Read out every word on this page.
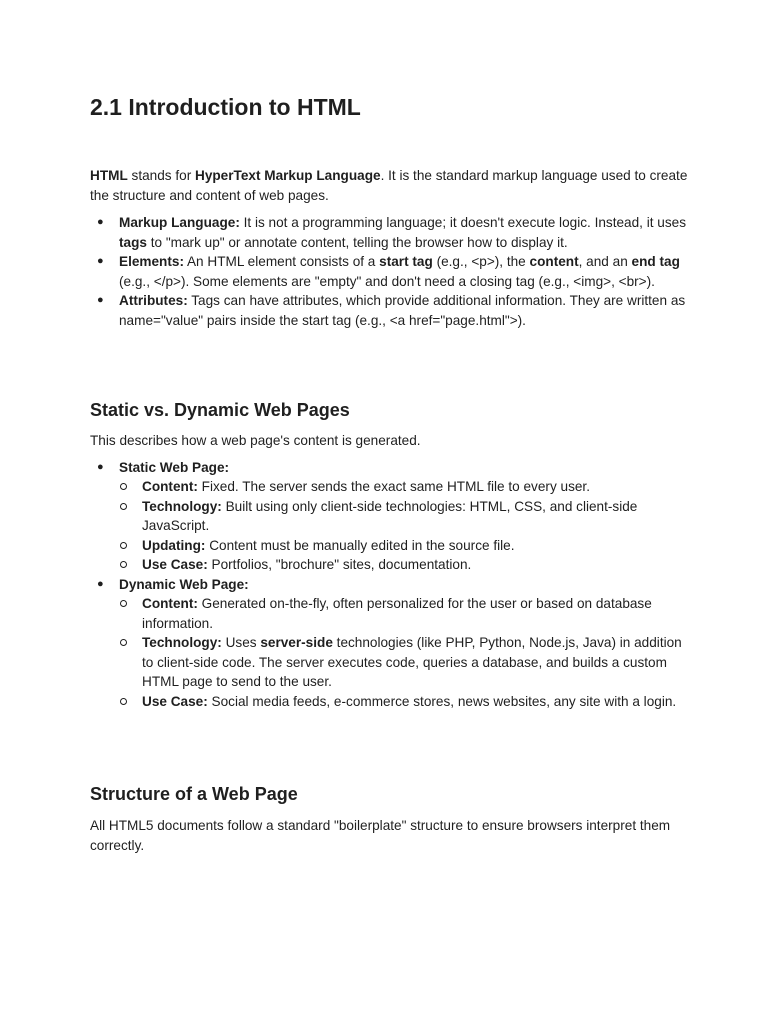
2.1 Introduction to HTML

HTML stands for HyperText Markup Language. It is the standard markup language used to create the structure and content of web pages.

● Markup Language: It is not a programming language; it doesn't execute logic. Instead, it uses tags to "mark up" or annotate content, telling the browser how to display it.
● Elements: An HTML element consists of a start tag (e.g., <p>), the content, and an end tag (e.g., </p>). Some elements are "empty" and don't need a closing tag (e.g., <img>, <br>).
● Attributes: Tags can have attributes, which provide additional information. They are written as name="value" pairs inside the start tag (e.g., <a href="page.html">).
Static vs. Dynamic Web Pages

This describes how a web page's content is generated.

● Static Web Page:
Content: Fixed. The server sends the exact same HTML file to every user.
Technology: Built using only client-side technologies: HTML, CSS, and client-side JavaScript.
Updating: Content must be manually edited in the source file.
Use Case: Portfolios, "brochure" sites, documentation.
● Dynamic Web Page:
Content: Generated on-the-fly, often personalized for the user or based on database information.
Technology: Uses server-side technologies (like PHP, Python, Node.js, Java) in addition to client-side code. The server executes code, queries a database, and builds a custom HTML page to send to the user.
Use Case: Social media feeds, e-commerce stores, news websites, any site with a login.
Structure of a Web Page

All HTML5 documents follow a standard "boilerplate" structure to ensure browsers interpret them correctly.
